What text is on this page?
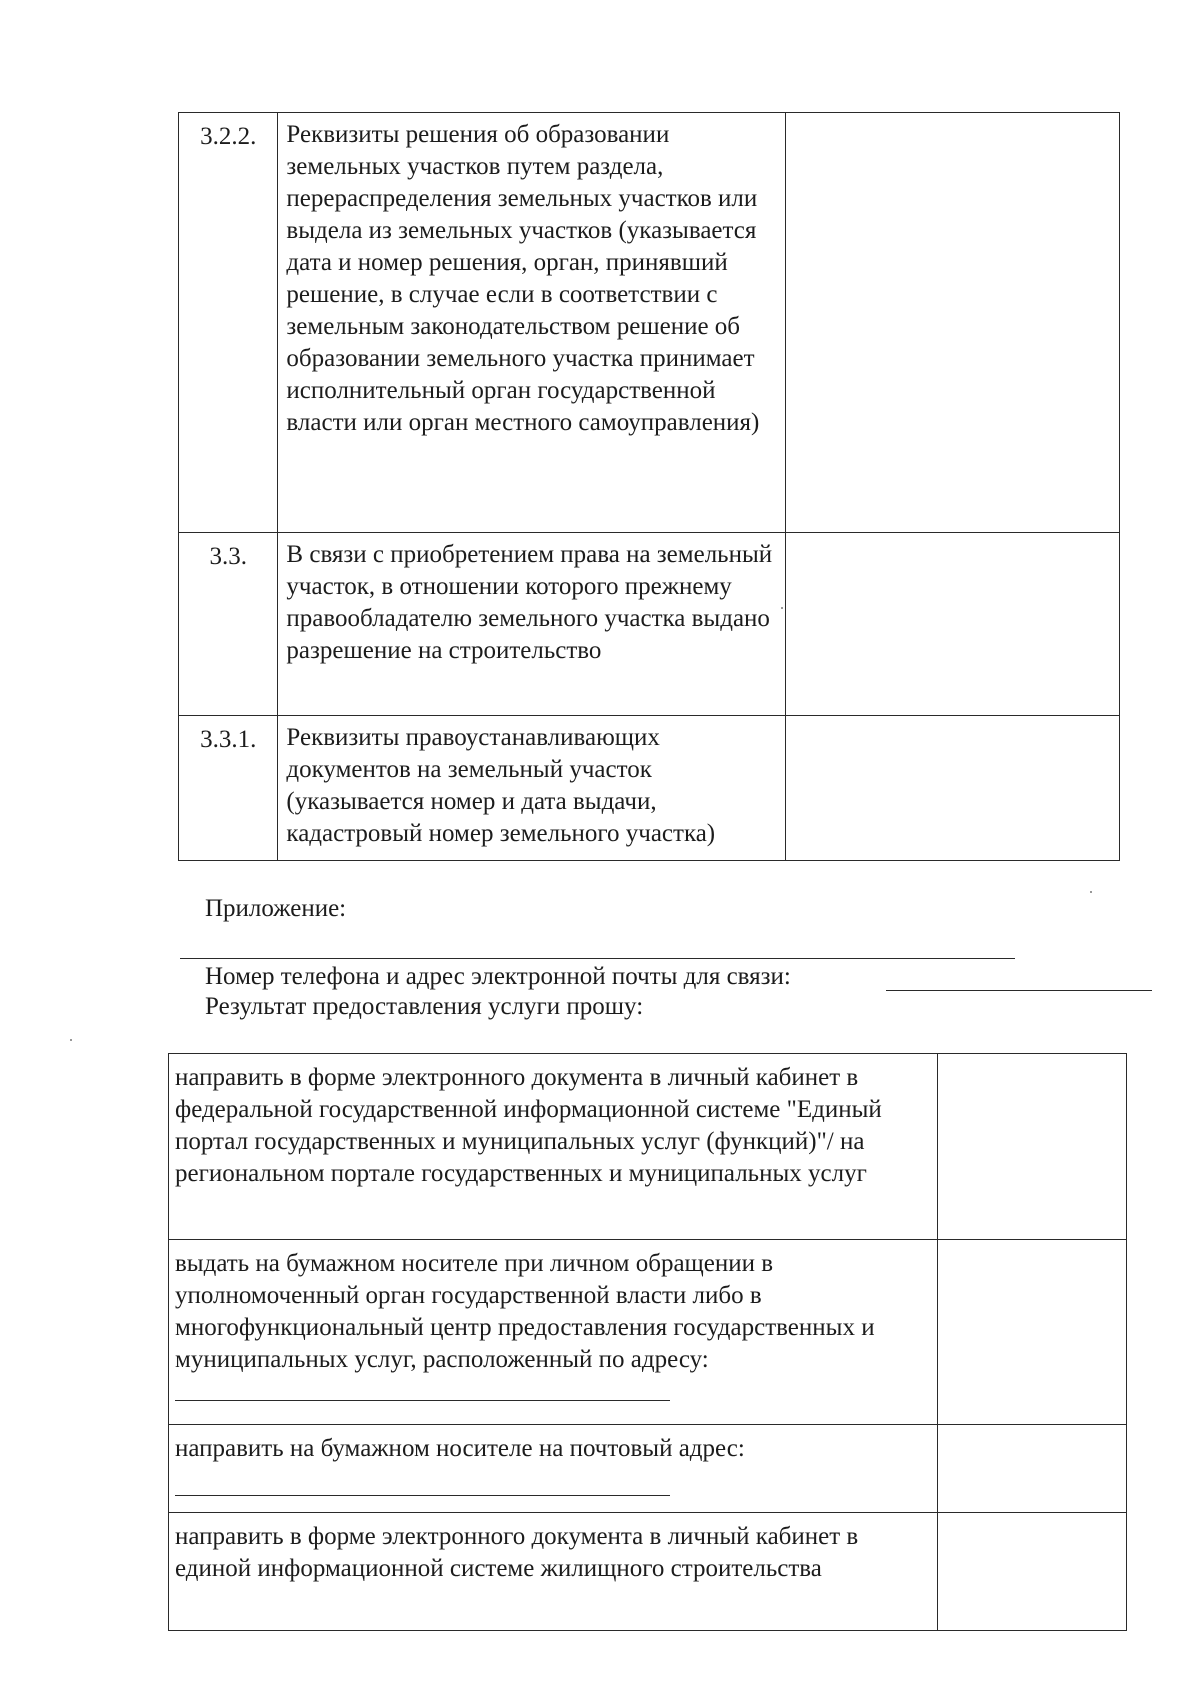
3.2.2.	Реквизиты решения об образовании земельных участков путем раздела, перераспределения земельных участков или выдела из земельных участков (указывается дата и номер решения, орган, принявший решение, в случае если в соответствии с земельным законодательством решение об образовании земельного участка принимает исполнительный орган государственной власти или орган местного самоуправления)	
3.3.	В связи с приобретением права на земельный участок, в отношении которого прежнему правообладателю земельного участка выдано разрешение на строительство	
3.3.1.	Реквизиты правоустанавливающих документов на земельный участок (указывается номер и дата выдачи, кадастровый номер земельного участка)	
Приложение:
Номер телефона и адрес электронной почты для связи:
Результат предоставления услуги прошу:
направить в форме электронного документа в личный кабинет в федеральной государственной информационной системе "Единый портал государственных и муниципальных услуг (функций)"/ на региональном портале государственных и муниципальных услуг	
выдать на бумажном носителе при личном обращении в уполномоченный орган государственной власти либо в многофункциональный центр предоставления государственных и муниципальных услуг, расположенный по адресу:	

направить на бумажном носителе на почтовый адрес:	

направить в форме электронного документа в личный кабинет в единой информационной системе жилищного строительства	
